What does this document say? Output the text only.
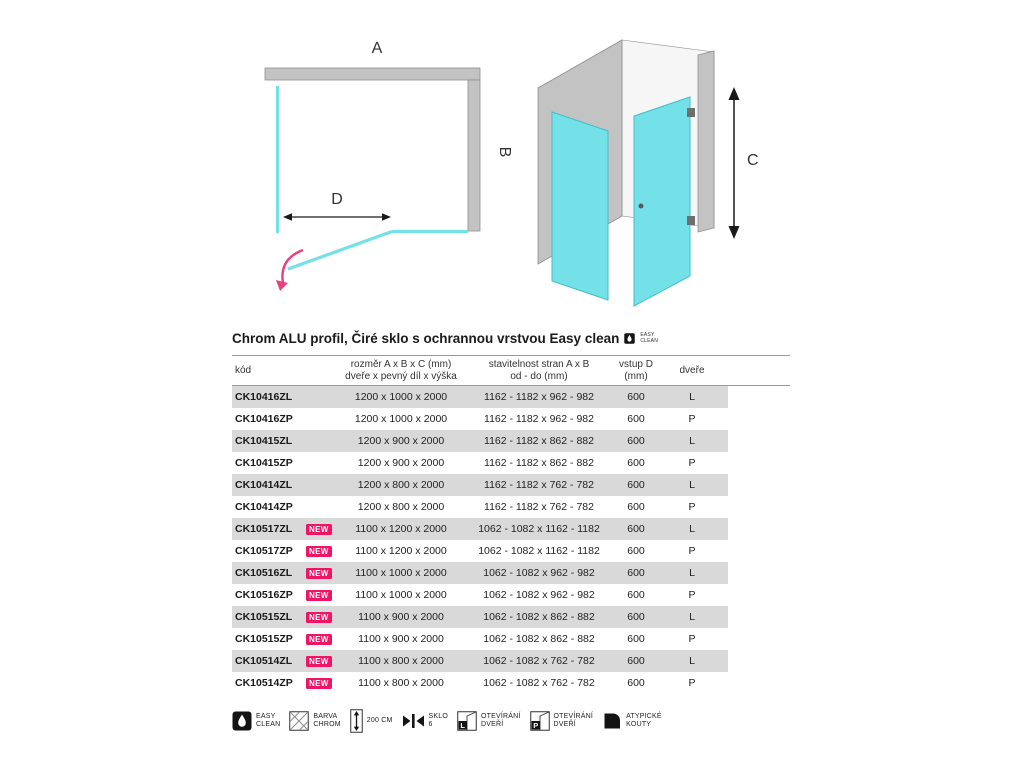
A
B
D
C
Chrom ALU profil, Čiré sklo s ochrannou vrstvou Easy clean	EASY
CLEAN
kód
rozměr A x B x C (mm)
dveře x pevný díl x výška
stavitelnost stran A x B
od - do (mm)
vstup D
(mm)
dveře
CK10416ZL	1200 x 1000 x 2000	1162 - 1182 x 962 - 982	600	L
CK10416ZP	1200 x 1000 x 2000	1162 - 1182 x 962 - 982	600	P
CK10415ZL	1200 x 900 x 2000	1162 - 1182 x 862 - 882	600	L
CK10415ZP	1200 x 900 x 2000	1162 - 1182 x 862 - 882	600	P
CK10414ZL	1200 x 800 x 2000	1162 - 1182 x 762 - 782	600	L
CK10414ZP	1200 x 800 x 2000	1162 - 1182 x 762 - 782	600	P
CK10517ZL	NEW	1100 x 1200 x 2000	1062 - 1082 x 1162 - 1182	600	L
CK10517ZP	NEW	1100 x 1200 x 2000	1062 - 1082 x 1162 - 1182	600	P
CK10516ZL	NEW	1100 x 1000 x 2000	1062 - 1082 x 962 - 982	600	L
CK10516ZP	NEW	1100 x 1000 x 2000	1062 - 1082 x 962 - 982	600	P
CK10515ZL	NEW	1100 x 900 x 2000	1062 - 1082 x 862 - 882	600	L
CK10515ZP	NEW	1100 x 900 x 2000	1062 - 1082 x 862 - 882	600	P
CK10514ZL	NEW	1100 x 800 x 2000	1062 - 1082 x 762 - 782	600	L
CK10514ZP	NEW	1100 x 800 x 2000	1062 - 1082 x 762 - 782	600	P
EASY
CLEAN
BARVA
CHROM
200 CM
SKLO
6	L
OTEVÍRÁNÍ
DVEŘÍ	P
OTEVÍRÁNÍ
DVEŘÍ
ATYPICKÉ
KOUTY
